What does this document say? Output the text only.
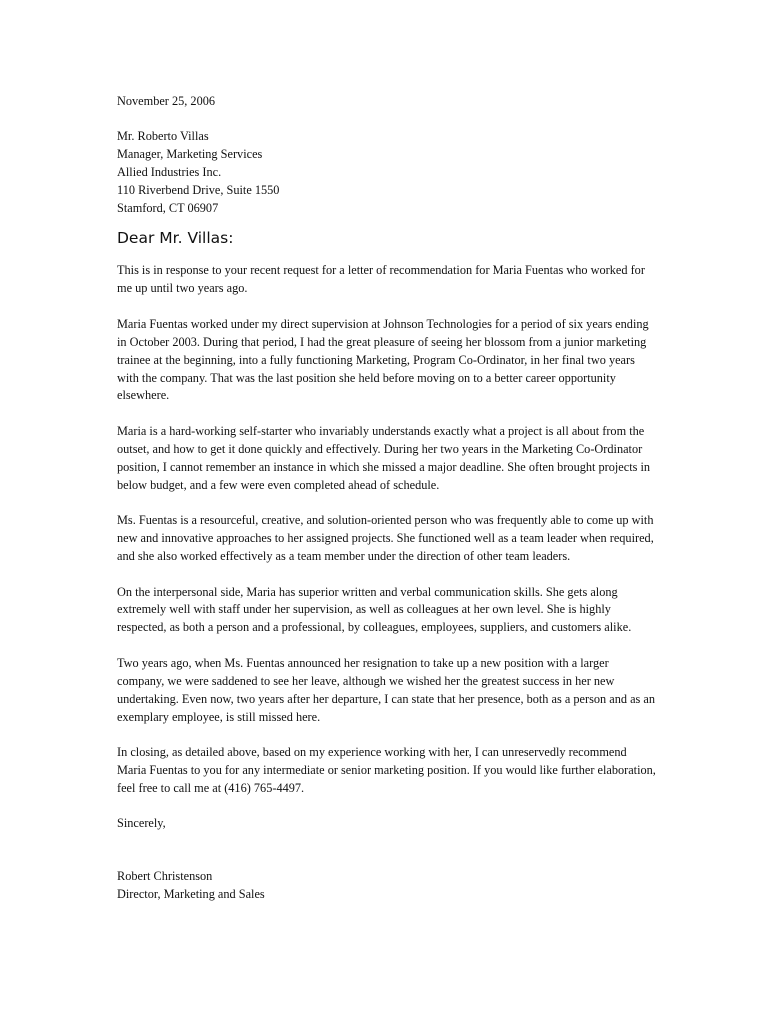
November 25, 2006

Mr. Roberto Villas
Manager, Marketing Services
Allied Industries Inc.
110 Riverbend Drive, Suite 1550
Stamford, CT 06907
Dear Mr. Villas:

This is in response to your recent request for a letter of recommendation for Maria Fuentas who worked for me up until two years ago.

Maria Fuentas worked under my direct supervision at Johnson Technologies for a period of six years ending in October 2003. During that period, I had the great pleasure of seeing her blossom from a junior marketing trainee at the beginning, into a fully functioning Marketing, Program Co-Ordinator, in her final two years with the company. That was the last position she held before moving on to a better career opportunity elsewhere.

Maria is a hard-working self-starter who invariably understands exactly what a project is all about from the outset, and how to get it done quickly and effectively. During her two years in the Marketing Co-Ordinator position, I cannot remember an instance in which she missed a major deadline. She often brought projects in below budget, and a few were even completed ahead of schedule.

Ms. Fuentas is a resourceful, creative, and solution-oriented person who was frequently able to come up with new and innovative approaches to her assigned projects. She functioned well as a team leader when required, and she also worked effectively as a team member under the direction of other team leaders.

On the interpersonal side, Maria has superior written and verbal communication skills. She gets along extremely well with staff under her supervision, as well as colleagues at her own level. She is highly respected, as both a person and a professional, by colleagues, employees, suppliers, and customers alike.

Two years ago, when Ms. Fuentas announced her resignation to take up a new position with a larger company, we were saddened to see her leave, although we wished her the greatest success in her new undertaking. Even now, two years after her departure, I can state that her presence, both as a person and as an exemplary employee, is still missed here.

In closing, as detailed above, based on my experience working with her, I can unreservedly recommend Maria Fuentas to you for any intermediate or senior marketing position. If you would like further elaboration, feel free to call me at (416) 765-4497.

Sincerely,

Robert Christenson
Director, Marketing and Sales
